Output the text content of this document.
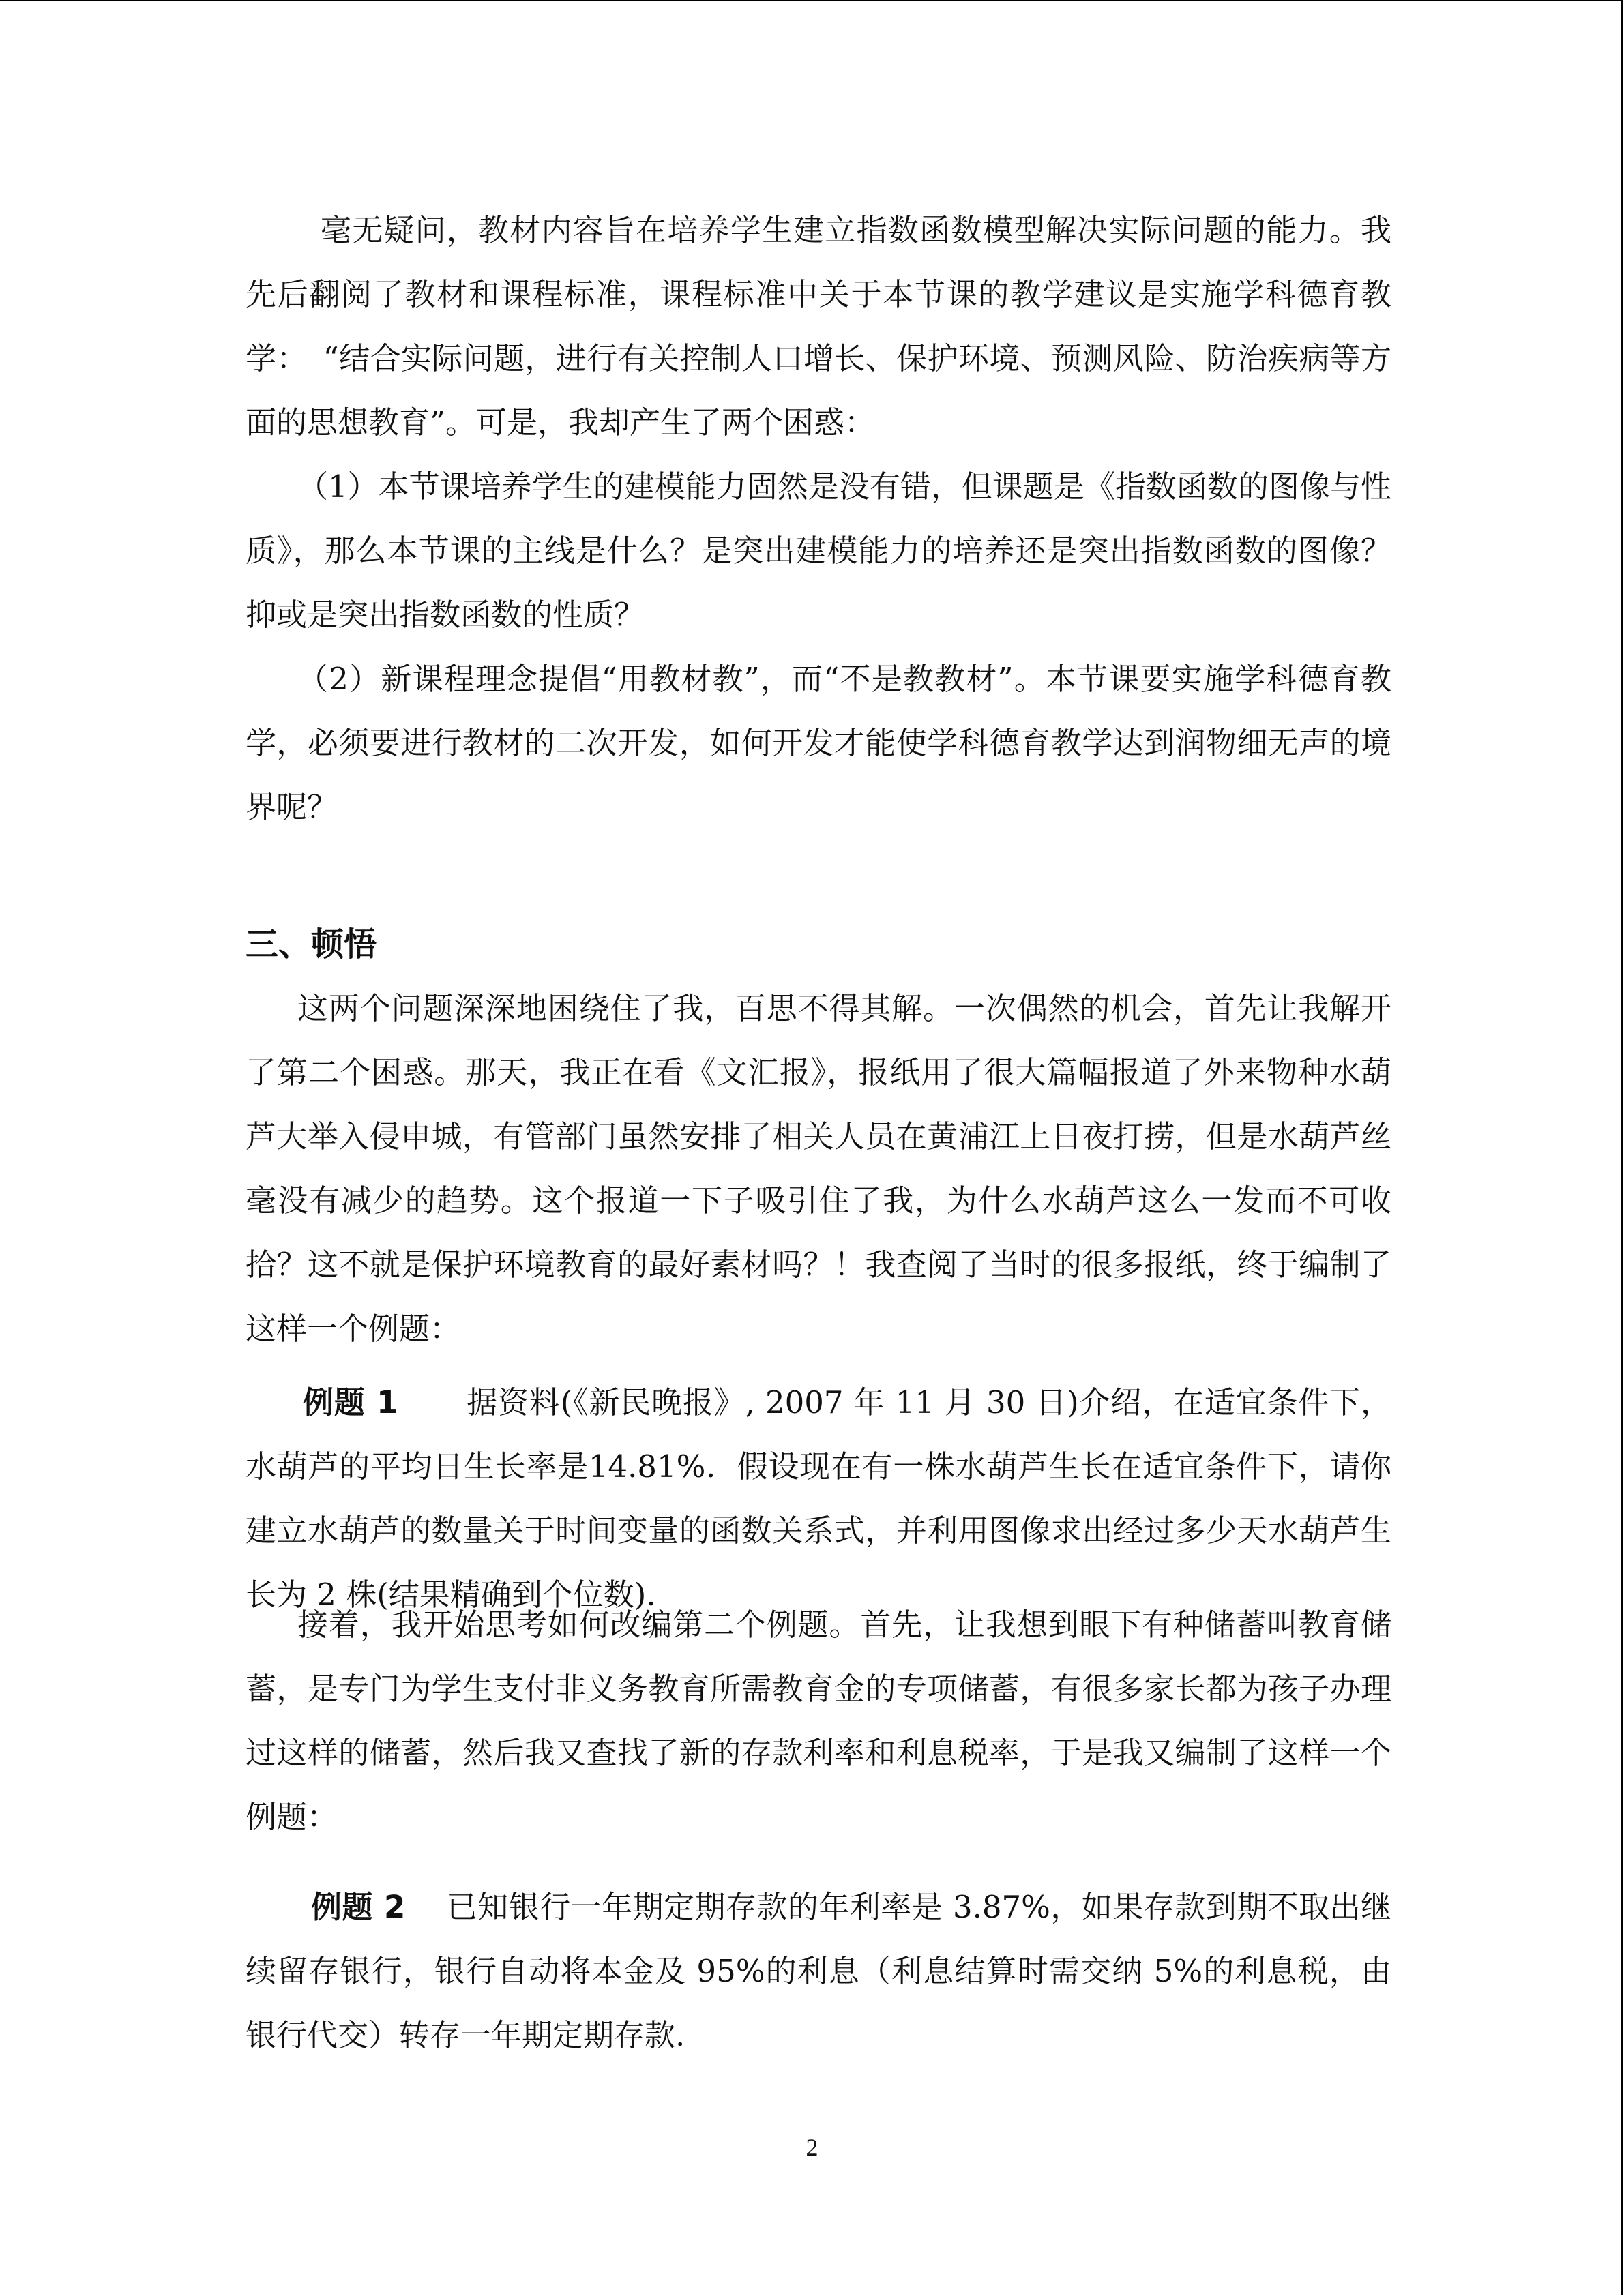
毫无疑问，教材内容旨在培养学生建立指数函数模型解决实际问题的能力。我先后翻阅了教材和课程标准，课程标准中关于本节课的教学建议是实施学科德育教学：　“结合实际问题，进行有关控制人口增长、保护环境、预测风险、防治疾病等方面的思想教育”。可是，我却产生了两个困惑：

（1）本节课培养学生的建模能力固然是没有错，但课题是《指数函数的图像与性质》，那么本节课的主线是什么？是突出建模能力的培养还是突出指数函数的图像？抑或是突出指数函数的性质？

（2）新课程理念提倡“用教材教”，而“不是教教材”。本节课要实施学科德育教学，必须要进行教材的二次开发，如何开发才能使学科德育教学达到润物细无声的境界呢？

三、顿悟

这两个问题深深地困绕住了我，百思不得其解。一次偶然的机会，首先让我解开了第二个困惑。那天，我正在看《文汇报》，报纸用了很大篇幅报道了外来物种水葫芦大举入侵申城，有管部门虽然安排了相关人员在黄浦江上日夜打捞，但是水葫芦丝毫没有减少的趋势。这个报道一下子吸引住了我，为什么水葫芦这么一发而不可收拾？这不就是保护环境教育的最好素材吗？！我查阅了当时的很多报纸，终于编制了这样一个例题：

例题 1 据资料(《新民晚报》, 2007 年 11 月 30 日)介绍，在适宜条件下，水葫芦的平均日生长率是14.81%．假设现在有一株水葫芦生长在适宜条件下，请你建立水葫芦的数量关于时间变量的函数关系式，并利用图像求出经过多少天水葫芦生长为 2 株(结果精确到个位数).

接着，我开始思考如何改编第二个例题。首先，让我想到眼下有种储蓄叫教育储蓄，是专门为学生支付非义务教育所需教育金的专项储蓄，有很多家长都为孩子办理过这样的储蓄，然后我又查找了新的存款利率和利息税率，于是我又编制了这样一个例题：

例题 2 已知银行一年期定期存款的年利率是 3.87%，如果存款到期不取出继续留存银行，银行自动将本金及 95%的利息（利息结算时需交纳 5%的利息税，由银行代交）转存一年期定期存款.

2
